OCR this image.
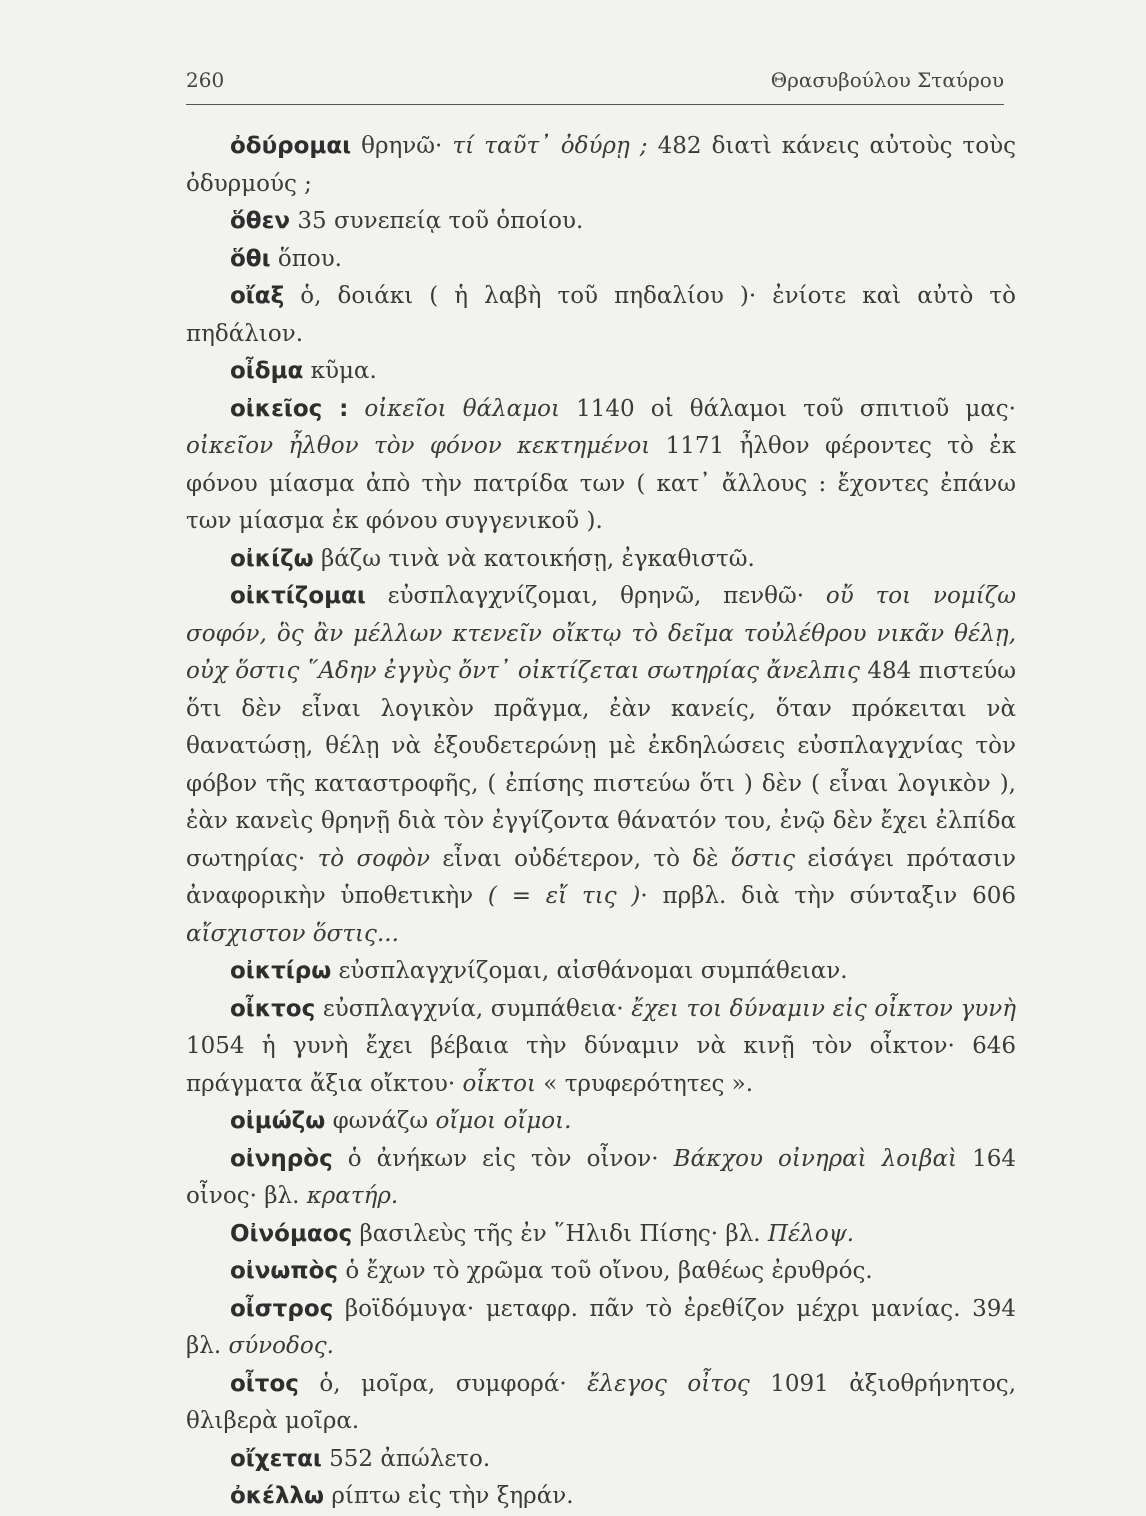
260	Θρασυβούλου Σταύρου

ὀδύρομαι θρηνῶ· τί ταῦτ᾿ ὀδύρῃ ; 482 διατὶ κάνεις αὐτοὺς τοὺς ὀδυρμούς ;

ὅθεν 35 συνεπείᾳ τοῦ ὁποίου.

ὅθι ὅπου.

οἴαξ ὁ, δοιάκι ( ἡ λαβὴ τοῦ πηδαλίου )· ἐνίοτε καὶ αὐτὸ τὸ πηδάλιον.

οἶδμα κῦμα.

οἰκεῖος : οἰκεῖοι θάλαμοι 1140 οἱ θάλαμοι τοῦ σπιτιοῦ μας· οἰκεῖον ἦλθον τὸν φόνον κεκτημένοι 1171 ἦλθον φέροντες τὸ ἐκ φόνου μίασμα ἀπὸ τὴν πατρίδα των ( κατ᾿ ἄλλους : ἔχοντες ἐπάνω των μίασμα ἐκ φόνου συγγενικοῦ ).

οἰκίζω βάζω τινὰ νὰ κατοικήσῃ, ἐγκαθιστῶ.

οἰκτίζομαι εὐσπλαγχνίζομαι, θρηνῶ, πενθῶ· οὔ τοι νομίζω σοφόν, ὃς ἂν μέλλων κτενεῖν οἴκτῳ τὸ δεῖμα τοὐλέθρου νικᾶν θέλῃ, οὐχ ὅστις ῞Αδην ἐγγὺς ὄντ᾿ οἰκτίζεται σωτηρίας ἄνελπις 484 πιστεύω ὅτι δὲν εἶναι λογικὸν πρᾶγμα, ἐὰν κανείς, ὅταν πρόκειται νὰ θανατώσῃ, θέλῃ νὰ ἐξουδετερώνῃ μὲ ἐκδηλώσεις εὐσπλαγχνίας τὸν φόβον τῆς καταστροφῆς, ( ἐπίσης πιστεύω ὅτι ) δὲν ( εἶναι λογικὸν ), ἐὰν κανεὶς θρηνῇ διὰ τὸν ἐγγίζοντα θάνατόν του, ἐνῷ δὲν ἔχει ἐλπίδα σωτηρίας· τὸ σοφὸν εἶναι οὐδέτερον, τὸ δὲ ὅστις εἰσάγει πρότασιν ἀναφορικὴν ὑποθετικὴν ( = εἴ τις )· πρβλ. διὰ τὴν σύνταξιν 606 αἴσχιστον ὅστις...

οἰκτίρω εὐσπλαγχνίζομαι, αἰσθάνομαι συμπάθειαν.

οἶκτος εὐσπλαγχνία, συμπάθεια· ἔχει τοι δύναμιν εἰς οἶκτον γυνὴ 1054 ἡ γυνὴ ἔχει βέβαια τὴν δύναμιν νὰ κινῇ τὸν οἶκτον· 646 πράγματα ἄξια οἴκτου· οἶκτοι « τρυφερότητες ».

οἰμώζω φωνάζω οἴμοι οἴμοι.

οἰνηρὸς ὁ ἀνήκων εἰς τὸν οἶνον· Βάκχου οἰνηραὶ λοιβαὶ 164 οἶνος· βλ. κρατήρ.

Οἰνόμαος βασιλεὺς τῆς ἐν ῞Ηλιδι Πίσης· βλ. Πέλοψ.

οἰνωπὸς ὁ ἔχων τὸ χρῶμα τοῦ οἴνου, βαθέως ἐρυθρός.

οἶστρος βοϊδόμυγα· μεταφρ. πᾶν τὸ ἐρεθίζον μέχρι μανίας. 394 βλ. σύνοδος.

οἶτος ὁ, μοῖρα, συμφορά· ἔλεγος οἶτος 1091 ἀξιοθρήνητος, θλιβερὰ μοῖρα.

οἴχεται 552 ἀπώλετο.

ὀκέλλω ρίπτω εἰς τὴν ξηράν.
